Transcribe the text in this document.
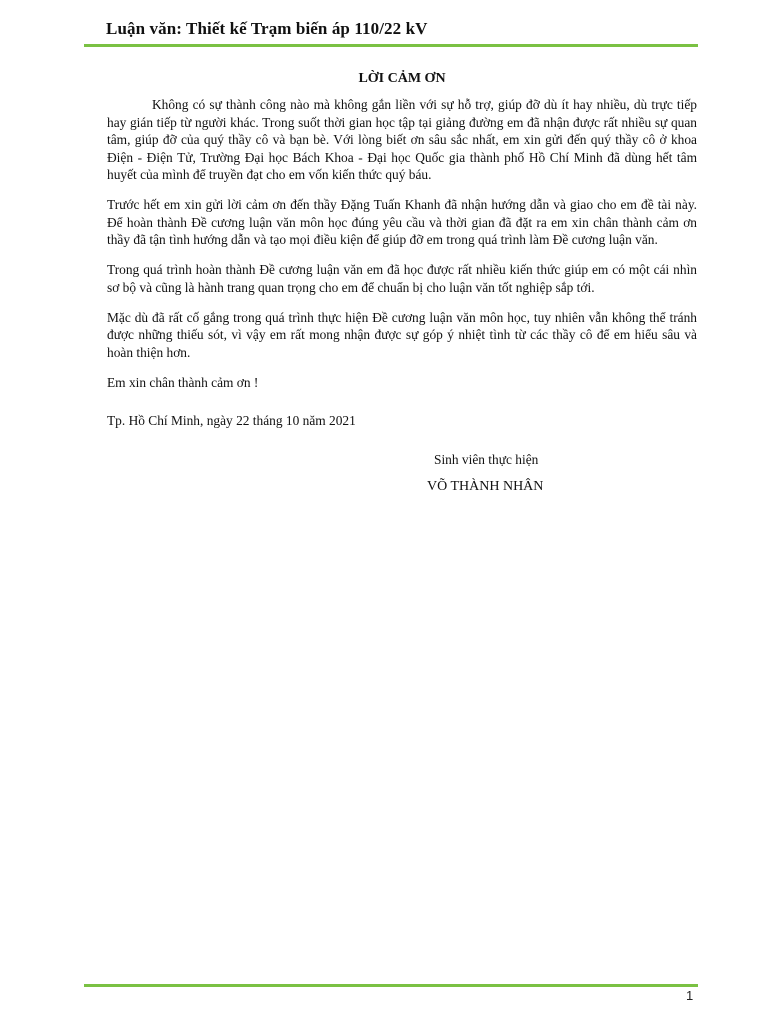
Luận văn: Thiết kế Trạm biến áp 110/22 kV
LỜI CẢM ƠN

Không có sự thành công nào mà không gắn liền với sự hỗ trợ, giúp đỡ dù ít hay nhiều, dù trực tiếp hay gián tiếp từ người khác. Trong suốt thời gian học tập tại giảng đường em đã nhận được rất nhiều sự quan tâm, giúp đỡ của quý thầy cô và bạn bè. Với lòng biết ơn sâu sắc nhất, em xin gửi đến quý thầy cô ở khoa Điện - Điện Tử, Trường Đại học Bách Khoa - Đại học Quốc gia thành phố Hồ Chí Minh đã dùng hết tâm huyết của mình để truyền đạt cho em vốn kiến thức quý báu.

Trước hết em xin gửi lời cảm ơn đến thầy Đặng Tuấn Khanh đã nhận hướng dẫn và giao cho em đề tài này. Để hoàn thành Đề cương luận văn môn học đúng yêu cầu và thời gian đã đặt ra em xin chân thành cảm ơn thầy đã tận tình hướng dẫn và tạo mọi điều kiện để giúp đỡ em trong quá trình làm Đề cương luận văn.

Trong quá trình hoàn thành Đề cương luận văn em đã học được rất nhiều kiến thức giúp em có một cái nhìn sơ bộ và cũng là hành trang quan trọng cho em để chuẩn bị cho luận văn tốt nghiệp sắp tới.

Mặc dù đã rất cố gắng trong quá trình thực hiện Đề cương luận văn môn học, tuy nhiên vẫn không thể tránh được những thiếu sót, vì vậy em rất mong nhận được sự góp ý nhiệt tình từ các thầy cô để em hiểu sâu và hoàn thiện hơn.

Em xin chân thành cảm ơn !

Tp. Hồ Chí Minh, ngày 22 tháng 10 năm 2021

Sinh viên thực hiện

VÕ THÀNH NHÂN

1
